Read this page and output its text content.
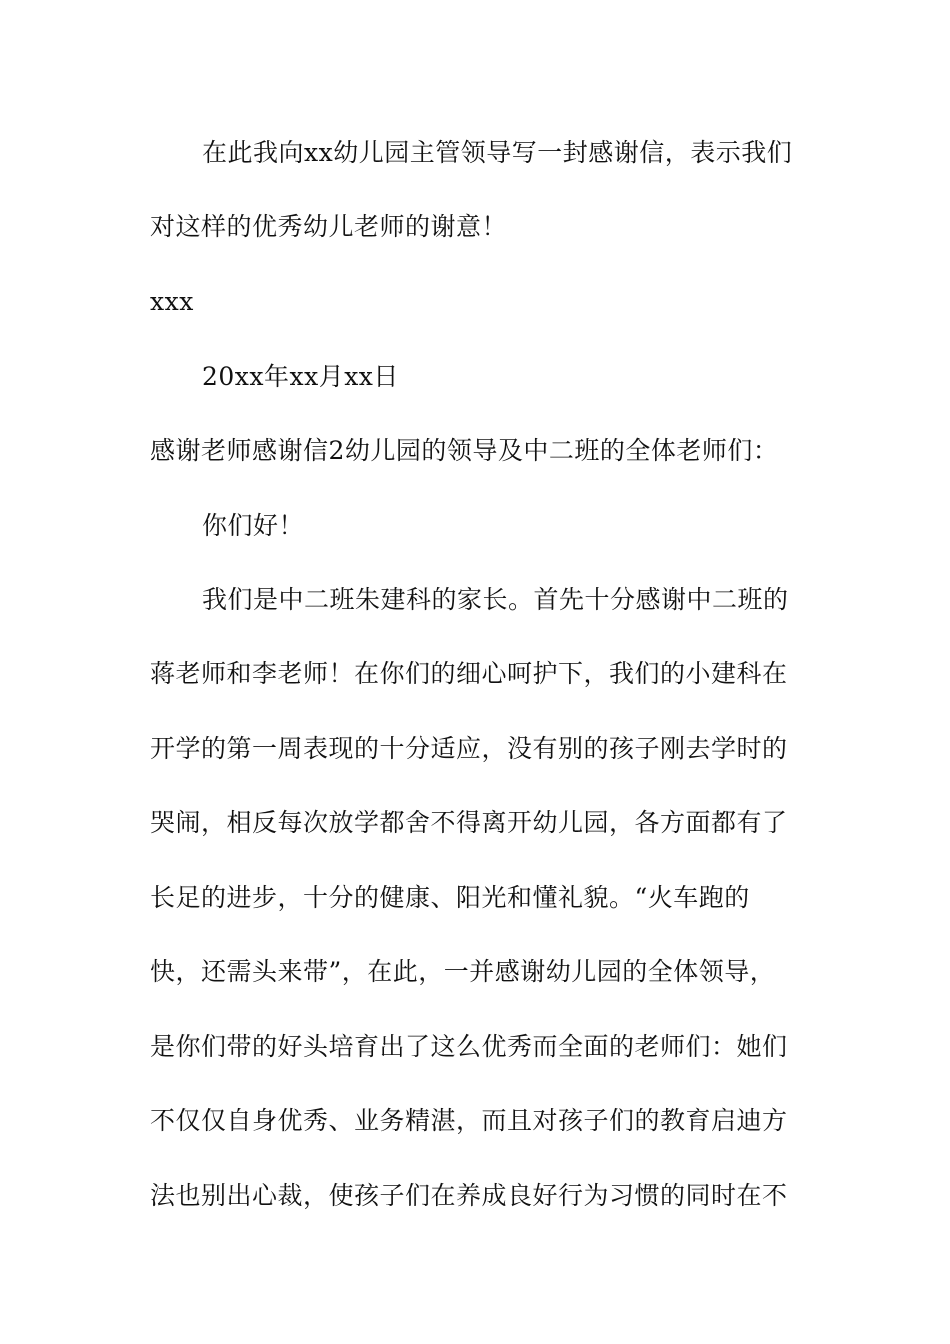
在此我向xx幼儿园主管领导写一封感谢信，表示我们
对这样的优秀幼儿老师的谢意！
xxx
20xx年xx月xx日
感谢老师感谢信2幼儿园的领导及中二班的全体老师们：
你们好！
我们是中二班朱建科的家长。首先十分感谢中二班的
蒋老师和李老师！在你们的细心呵护下，我们的小建科在
开学的第一周表现的十分适应，没有别的孩子刚去学时的
哭闹，相反每次放学都舍不得离开幼儿园，各方面都有了
长足的进步，十分的健康、阳光和懂礼貌。“火车跑的
快，还需头来带”，在此，一并感谢幼儿园的全体领导，
是你们带的好头培育出了这么优秀而全面的老师们：她们
不仅仅自身优秀、业务精湛，而且对孩子们的教育启迪方
法也别出心裁，使孩子们在养成良好行为习惯的同时在不
